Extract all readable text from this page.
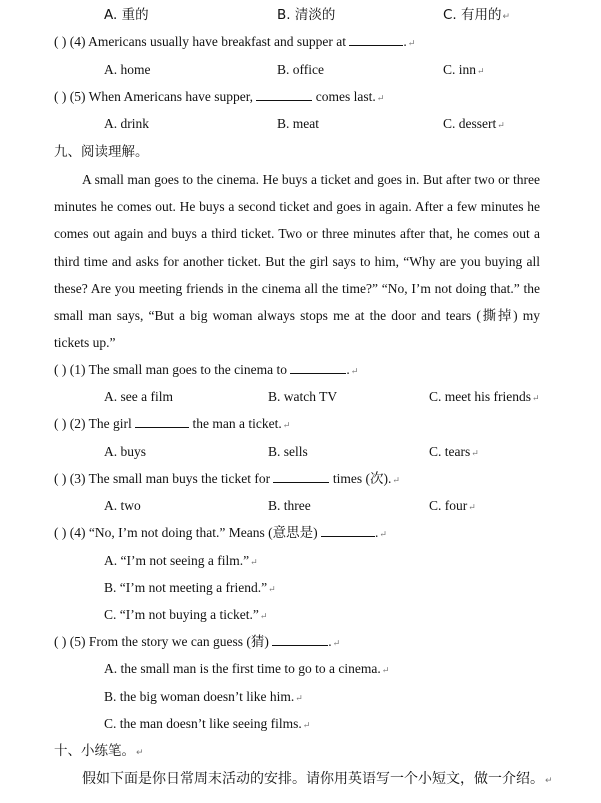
A. 重的	B. 清淡的	C. 有用的↵
( ) (4) Americans usually have breakfast and supper at	.↵
A. home	B. office	C. inn↵
( ) (5) When Americans have supper,	comes last.↵
A. drink	B. meat	C. dessert↵
九、阅读理解。
A small man goes to the cinema. He buys a ticket and goes in. But after two or three minutes he comes out. He buys a second ticket and goes in again. After a few minutes he comes out again and buys a third ticket. Two or three minutes after that, he comes out a third time and asks for another ticket. But the girl says to him, “Why are you buying all these? Are you meeting friends in the cinema all the time?” “No, I’m not doing that.” the small man says, “But a big woman always stops me at the door and tears (撕掉) my tickets up.”
( ) (1) The small man goes to the cinema to	.↵
A. see a film	B. watch TV	C. meet his friends↵
( ) (2) The girl	the man a ticket.↵
A. buys	B. sells	C. tears↵
( ) (3) The small man buys the ticket for	times (次).↵
A. two	B. three	C. four↵
( ) (4) “No, I’m not doing that.” Means (意思是)	.↵
A. “I’m not seeing a film.”↵
B. “I’m not meeting a friend.”↵
C. “I’m not buying a ticket.”↵
( ) (5) From the story we can guess (猜)	.↵
A. the small man is the first time to go to a cinema.↵
B. the big woman doesn’t like him.↵
C. the man doesn’t like seeing films.↵
十、小练笔。↵
假如下面是你日常周末活动的安排。请你用英语写一个小短文，做一介绍。↵
